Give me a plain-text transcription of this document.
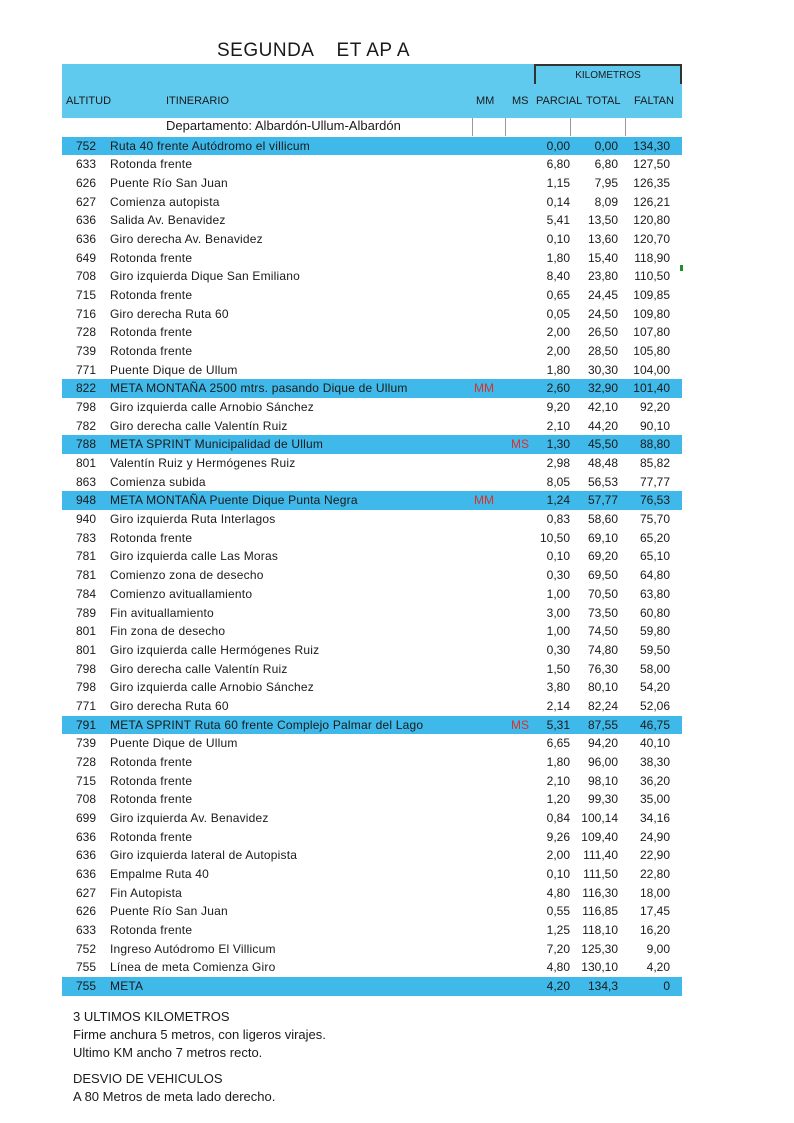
SEGUNDA    ET AP A
KILOMETROS
ALTITUD	ITINERARIO	MM MS PARCIAL TOTAL FALTAN
Departamento: Albardón-Ullum-Albardón
752 Ruta 40 frente Autódromo el villicum	0,00	0,00	134,30
633 Rotonda frente	6,80	6,80	127,50
626 Puente Río San Juan	1,15	7,95	126,35
627 Comienza autopista	0,14	8,09	126,21
636 Salida Av. Benavidez	5,41	13,50	120,80
636 Giro derecha Av. Benavidez	0,10	13,60	120,70
649 Rotonda frente	1,80	15,40	118,90
708 Giro izquierda Dique San Emiliano	8,40	23,80	110,50
715 Rotonda frente	0,65	24,45	109,85
716 Giro derecha Ruta 60	0,05	24,50	109,80
728 Rotonda frente	2,00	26,50	107,80
739 Rotonda frente	2,00	28,50	105,80
771 Puente Dique de Ullum	1,80	30,30	104,00
822 META MONTAÑA 2500 mtrs. pasando Dique de Ullum	MM	2,60	32,90	101,40
798 Giro izquierda calle Arnobio Sánchez	9,20	42,10	92,20
782 Giro derecha calle Valentín Ruiz	2,10	44,20	90,10
788 META SPRINT Municipalidad de Ullum	MS	1,30	45,50	88,80
801 Valentín Ruiz y Hermógenes Ruiz	2,98	48,48	85,82
863 Comienza subida	8,05	56,53	77,77
948 META MONTAÑA Puente Dique Punta Negra	MM	1,24	57,77	76,53
940 Giro izquierda Ruta Interlagos	0,83	58,60	75,70
783 Rotonda frente	10,50	69,10	65,20
781 Giro izquierda calle Las Moras	0,10	69,20	65,10
781 Comienzo zona de desecho	0,30	69,50	64,80
784 Comienzo avituallamiento	1,00	70,50	63,80
789 Fin avituallamiento	3,00	73,50	60,80
801 Fin zona de desecho	1,00	74,50	59,80
801 Giro izquierda calle Hermógenes Ruiz	0,30	74,80	59,50
798 Giro derecha calle Valentín Ruiz	1,50	76,30	58,00
798 Giro izquierda calle Arnobio Sánchez	3,80	80,10	54,20
771 Giro derecha Ruta 60	2,14	82,24	52,06
791 META SPRINT Ruta 60 frente Complejo Palmar del Lago	MS	5,31	87,55	46,75
739 Puente Dique de Ullum	6,65	94,20	40,10
728 Rotonda frente	1,80	96,00	38,30
715 Rotonda frente	2,10	98,10	36,20
708 Rotonda frente	1,20	99,30	35,00
699 Giro izquierda Av. Benavidez	0,84 100,14	34,16
636 Rotonda frente	9,26 109,40	24,90
636 Giro izquierda lateral de Autopista	2,00	111,40	22,90
636 Empalme Ruta 40	0,10	111,50	22,80
627 Fin Autopista	4,80	116,30	18,00
626 Puente Río San Juan	0,55	116,85	17,45
633 Rotonda frente	1,25	118,10	16,20
752 Ingreso Autódromo El Villicum	7,20 125,30	9,00
755 Línea de meta Comienza Giro	4,80 130,10	4,20
755 META	4,20	134,3	0
3 ULTIMOS KILOMETROS
Firme anchura 5 metros, con ligeros virajes.
Ultimo KM ancho 7 metros recto.
DESVIO DE VEHICULOS
A 80 Metros de meta lado derecho.
